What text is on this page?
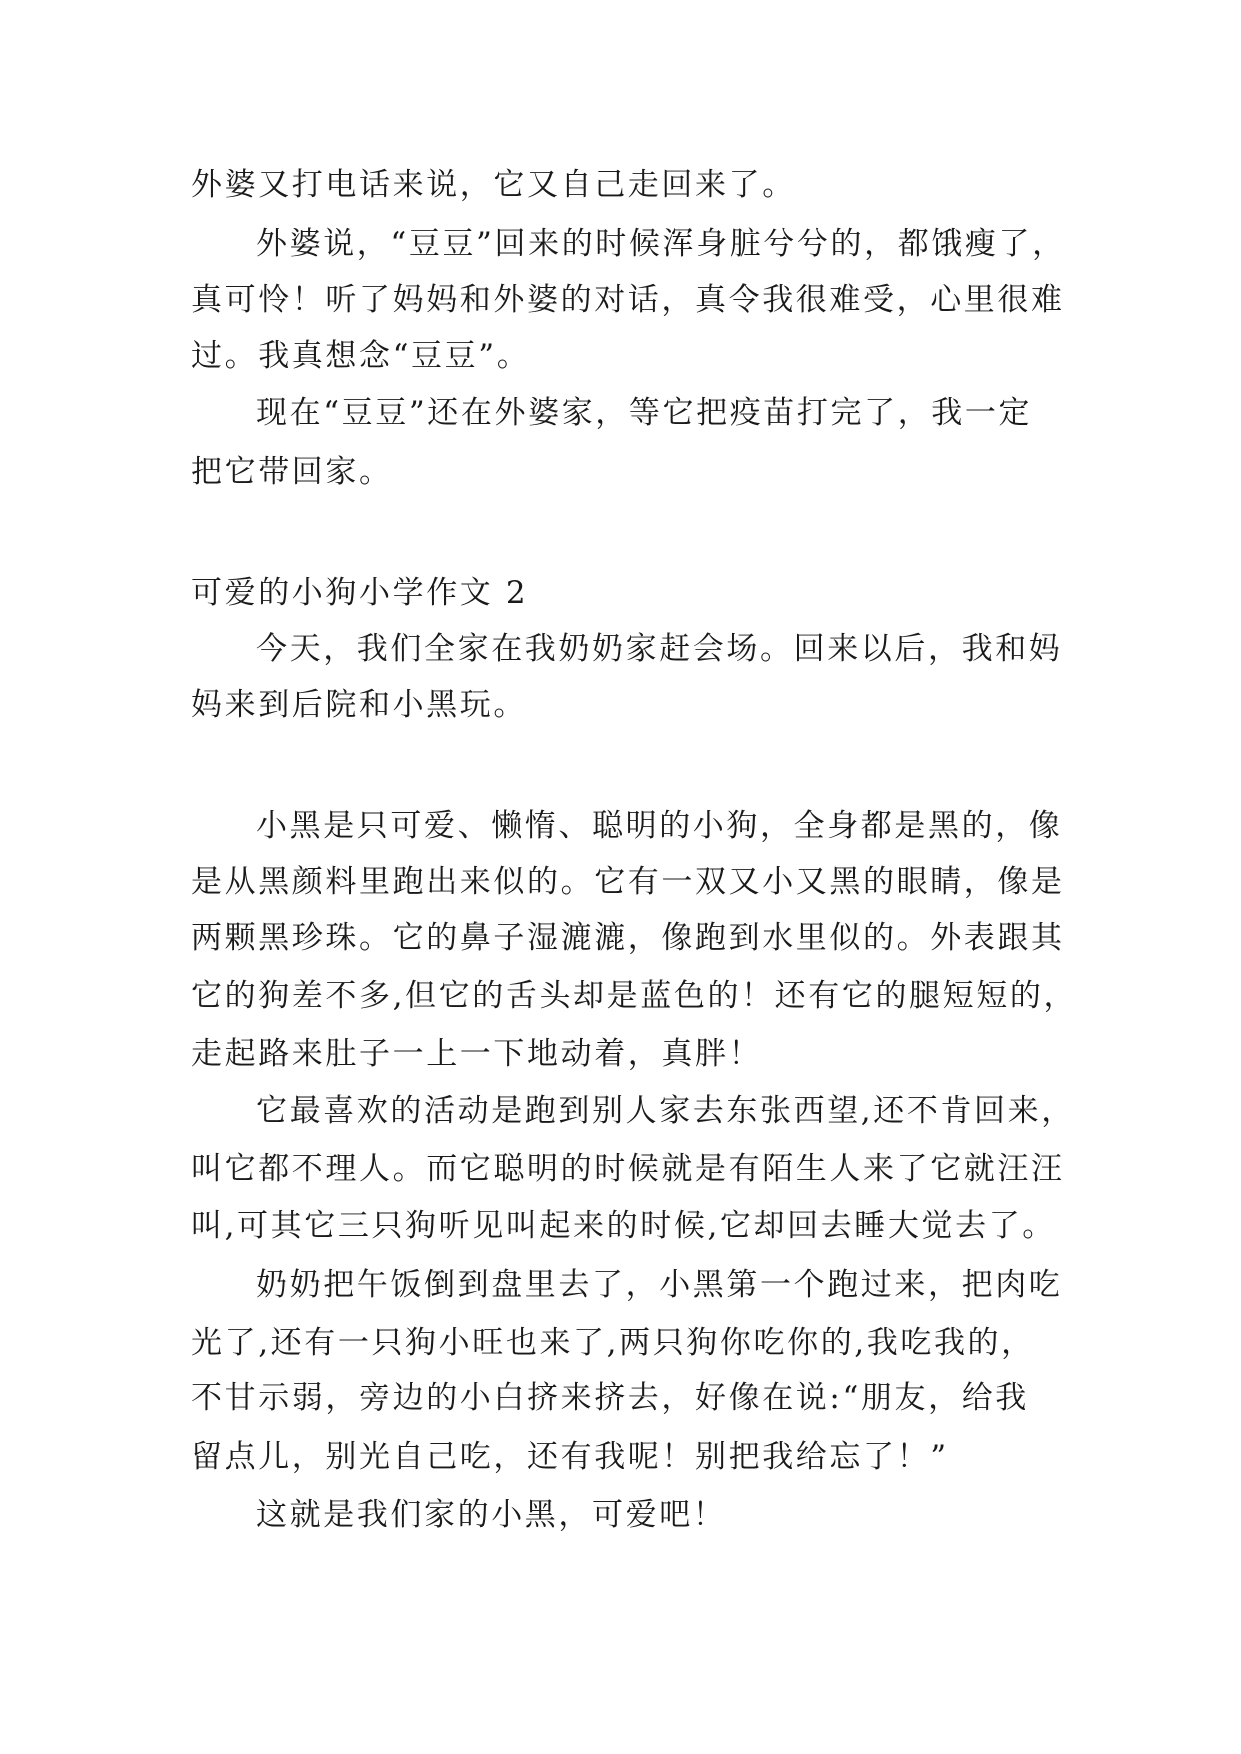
外婆又打电话来说，它又自己走回来了。
外婆说，“豆豆”回来的时候浑身脏兮兮的，都饿瘦了，
真可怜！听了妈妈和外婆的对话，真令我很难受，心里很难
过。我真想念“豆豆”。
现在“豆豆”还在外婆家，等它把疫苗打完了，我一定
把它带回家。
可爱的小狗小学作文 2
今天，我们全家在我奶奶家赶会场。回来以后，我和妈
妈来到后院和小黑玩。
小黑是只可爱、懒惰、聪明的小狗，全身都是黑的，像
是从黑颜料里跑出来似的。它有一双又小又黑的眼睛，像是
两颗黑珍珠。它的鼻子湿漉漉，像跑到水里似的。外表跟其
它的狗差不多,但它的舌头却是蓝色的！还有它的腿短短的，
走起路来肚子一上一下地动着，真胖！
它最喜欢的活动是跑到别人家去东张西望,还不肯回来，
叫它都不理人。而它聪明的时候就是有陌生人来了它就汪汪
叫,可其它三只狗听见叫起来的时候,它却回去睡大觉去了。
奶奶把午饭倒到盘里去了，小黑第一个跑过来，把肉吃
光了,还有一只狗小旺也来了,两只狗你吃你的,我吃我的，
不甘示弱，旁边的小白挤来挤去，好像在说:“朋友，给我
留点儿，别光自己吃，还有我呢！别把我给忘了！”
这就是我们家的小黑，可爱吧！
